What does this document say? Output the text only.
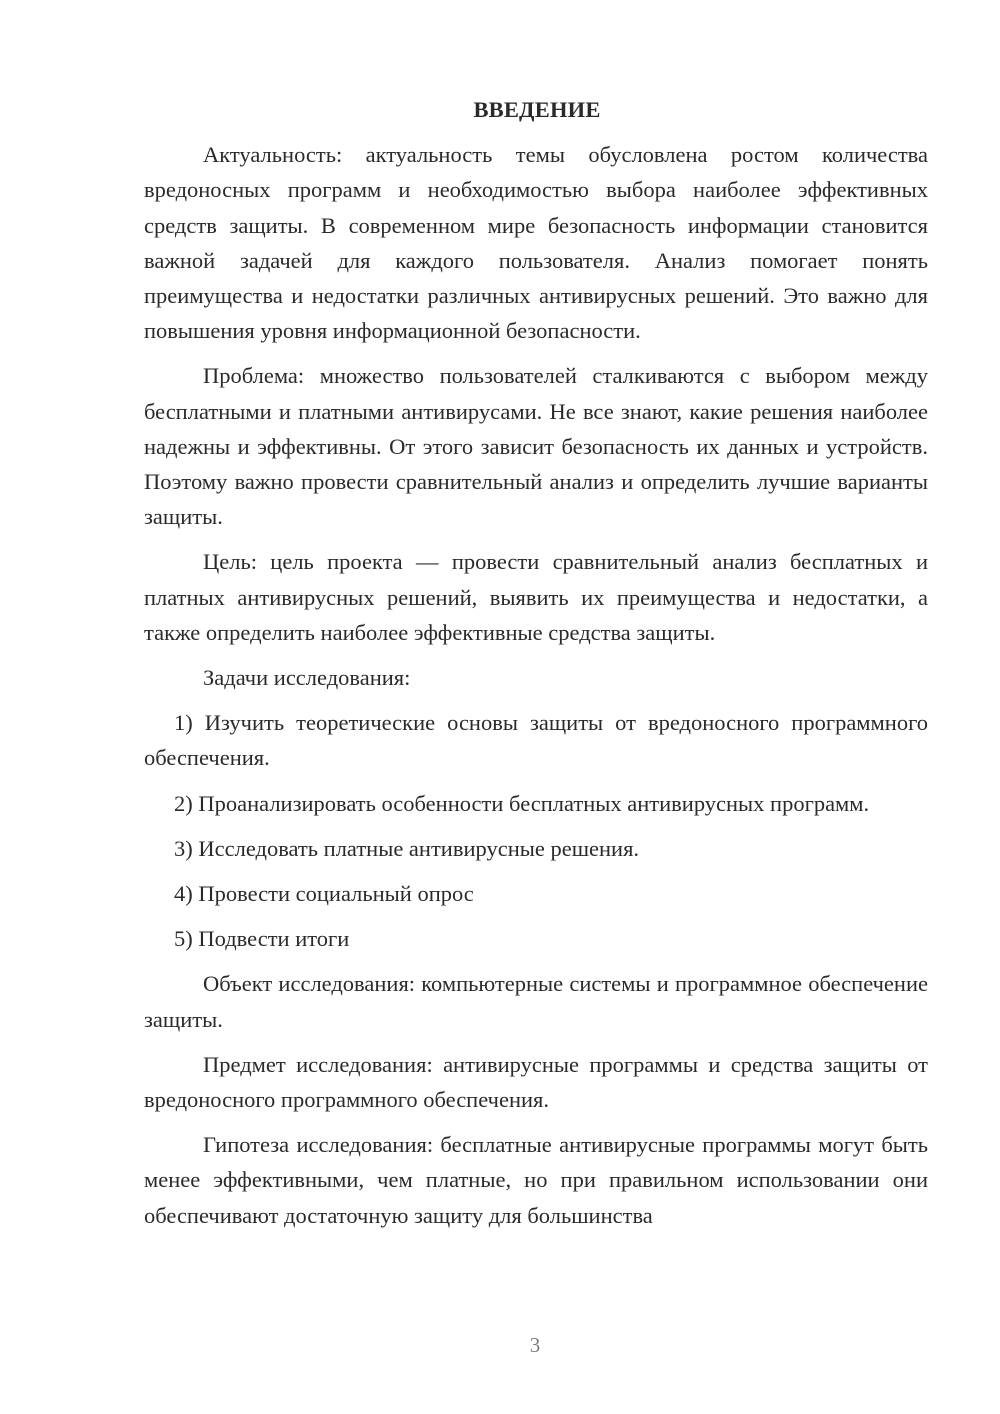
ВВЕДЕНИЕ

Актуальность: актуальность темы обусловлена ростом количества вредоносных программ и необходимостью выбора наиболее эффективных средств защиты. В современном мире безопасность информации становится важной задачей для каждого пользователя. Анализ помогает понять преимущества и недостатки различных антивирусных решений. Это важно для повышения уровня информационной безопасности.

Проблема: множество пользователей сталкиваются с выбором между бесплатными и платными антивирусами. Не все знают, какие решения наиболее надежны и эффективны. От этого зависит безопасность их данных и устройств. Поэтому важно провести сравнительный анализ и определить лучшие варианты защиты.

Цель: цель проекта — провести сравнительный анализ бесплатных и платных антивирусных решений, выявить их преимущества и недостатки, а также определить наиболее эффективные средства защиты.

Задачи исследования:

1) Изучить теоретические основы защиты от вредоносного программного обеспечения.

2) Проанализировать особенности бесплатных антивирусных программ.

3) Исследовать платные антивирусные решения.

4) Провести социальный опрос

5) Подвести итоги

Объект исследования: компьютерные системы и программное обеспечение защиты.

Предмет исследования: антивирусные программы и средства защиты от вредоносного программного обеспечения.

Гипотеза исследования: бесплатные антивирусные программы могут быть менее эффективными, чем платные, но при правильном использовании они обеспечивают достаточную защиту для большинства

3
